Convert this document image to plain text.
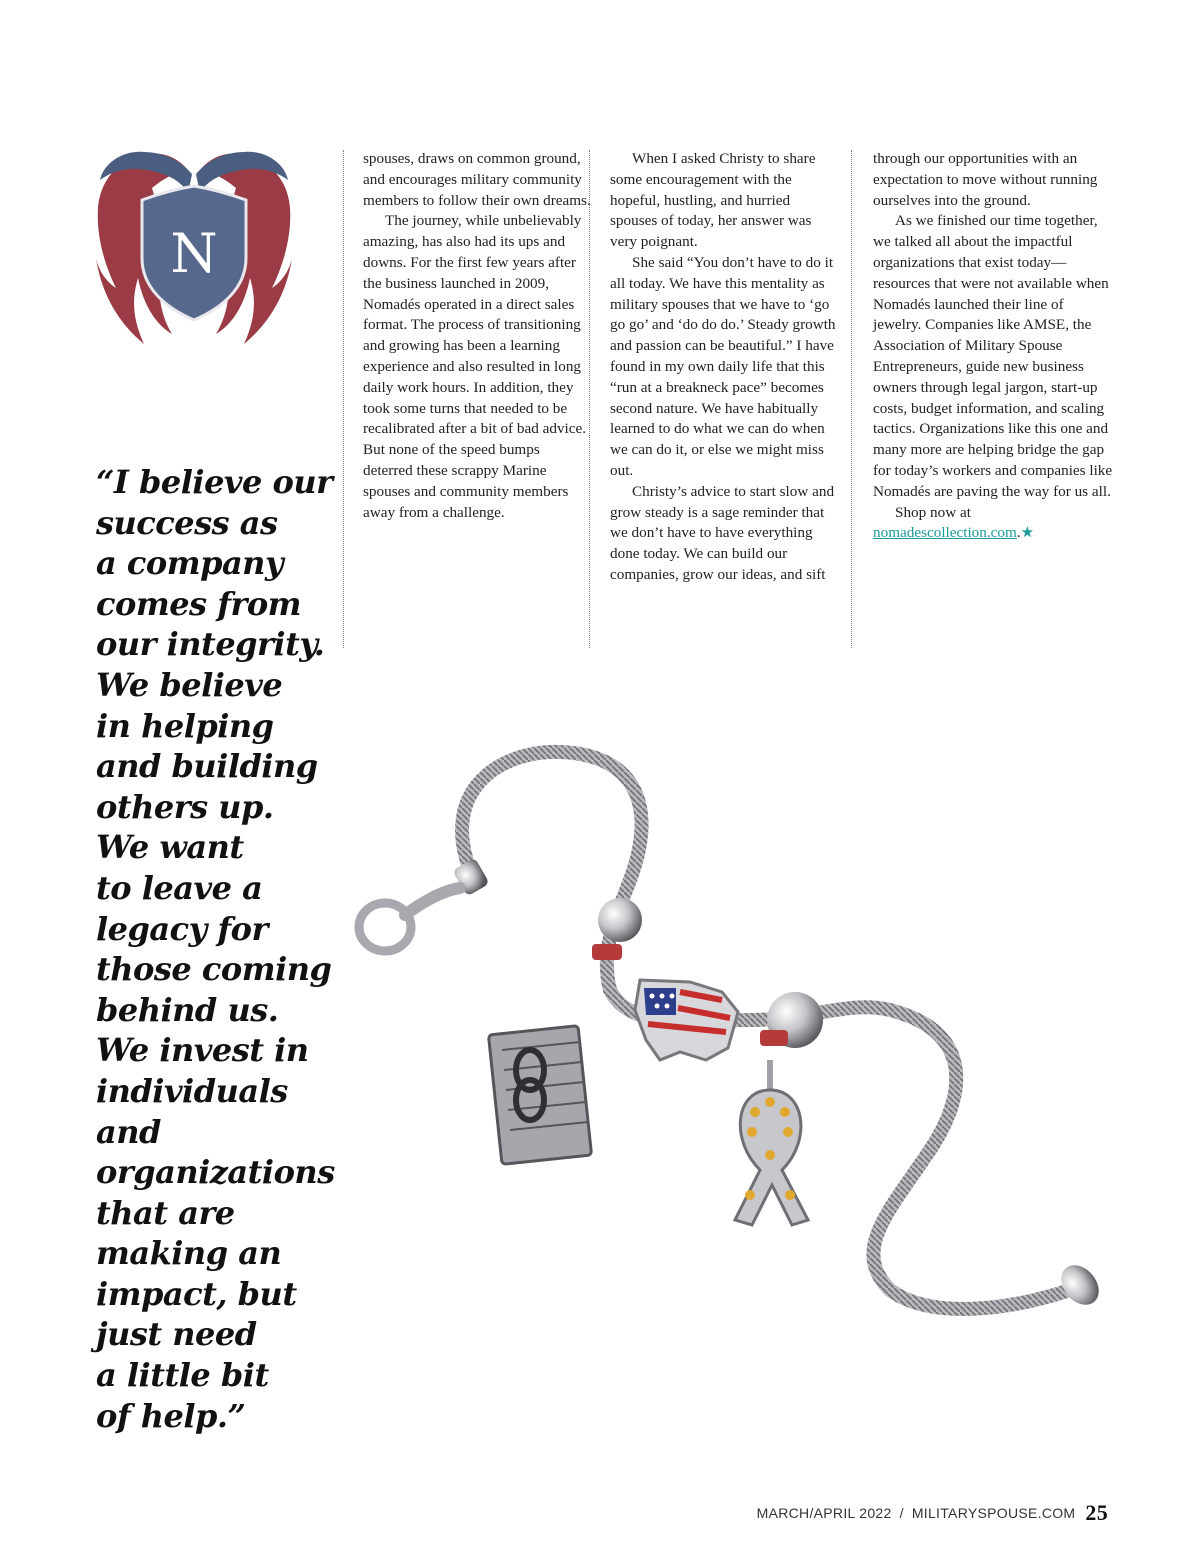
N

“I believe our
success as
a company
comes from
our integrity.
We believe
in helping
and building
others up.
We want
to leave a
legacy for
those coming
behind us.
We invest in
individuals
and
organizations
that are
making an
impact, but
just need
a little bit
of help.”

spouses, draws on common ground, and encourages military community members to follow their own dreams.

The journey, while unbelievably amazing, has also had its ups and downs. For the first few years after the business launched in 2009, Nomadés operated in a direct sales format. The process of transitioning and growing has been a learning experience and also resulted in long daily work hours. In addition, they took some turns that needed to be recalibrated after a bit of bad advice. But none of the speed bumps deterred these scrappy Marine spouses and community members away from a challenge.

When I asked Christy to share some encouragement with the hopeful, hustling, and hurried spouses of today, her answer was very poignant.

She said “You don’t have to do it all today. We have this mentality as military spouses that we have to ‘go go go’ and ‘do do do.’ Steady growth and passion can be beautiful.” I have found in my own daily life that this “run at a breakneck pace” becomes second nature. We have habitually learned to do what we can do when we can do it, or else we might miss out.

Christy’s advice to start slow and grow steady is a sage reminder that we don’t have to have everything done today. We can build our companies, grow our ideas, and sift

through our opportunities with an expectation to move without running ourselves into the ground.

As we finished our time together, we talked all about the impactful organizations that exist today—resources that were not available when Nomadés launched their line of jewelry. Companies like AMSE, the Association of Military Spouse Entrepreneurs, guide new business owners through legal jargon, start-up costs, budget information, and scaling tactics. Organizations like this one and many more are helping bridge the gap for today’s workers and companies like Nomadés are paving the way for us all.

Shop now at
nomadescollection.com.★

MARCH/APRIL 2022 / MILITARYSPOUSE.COM 25
